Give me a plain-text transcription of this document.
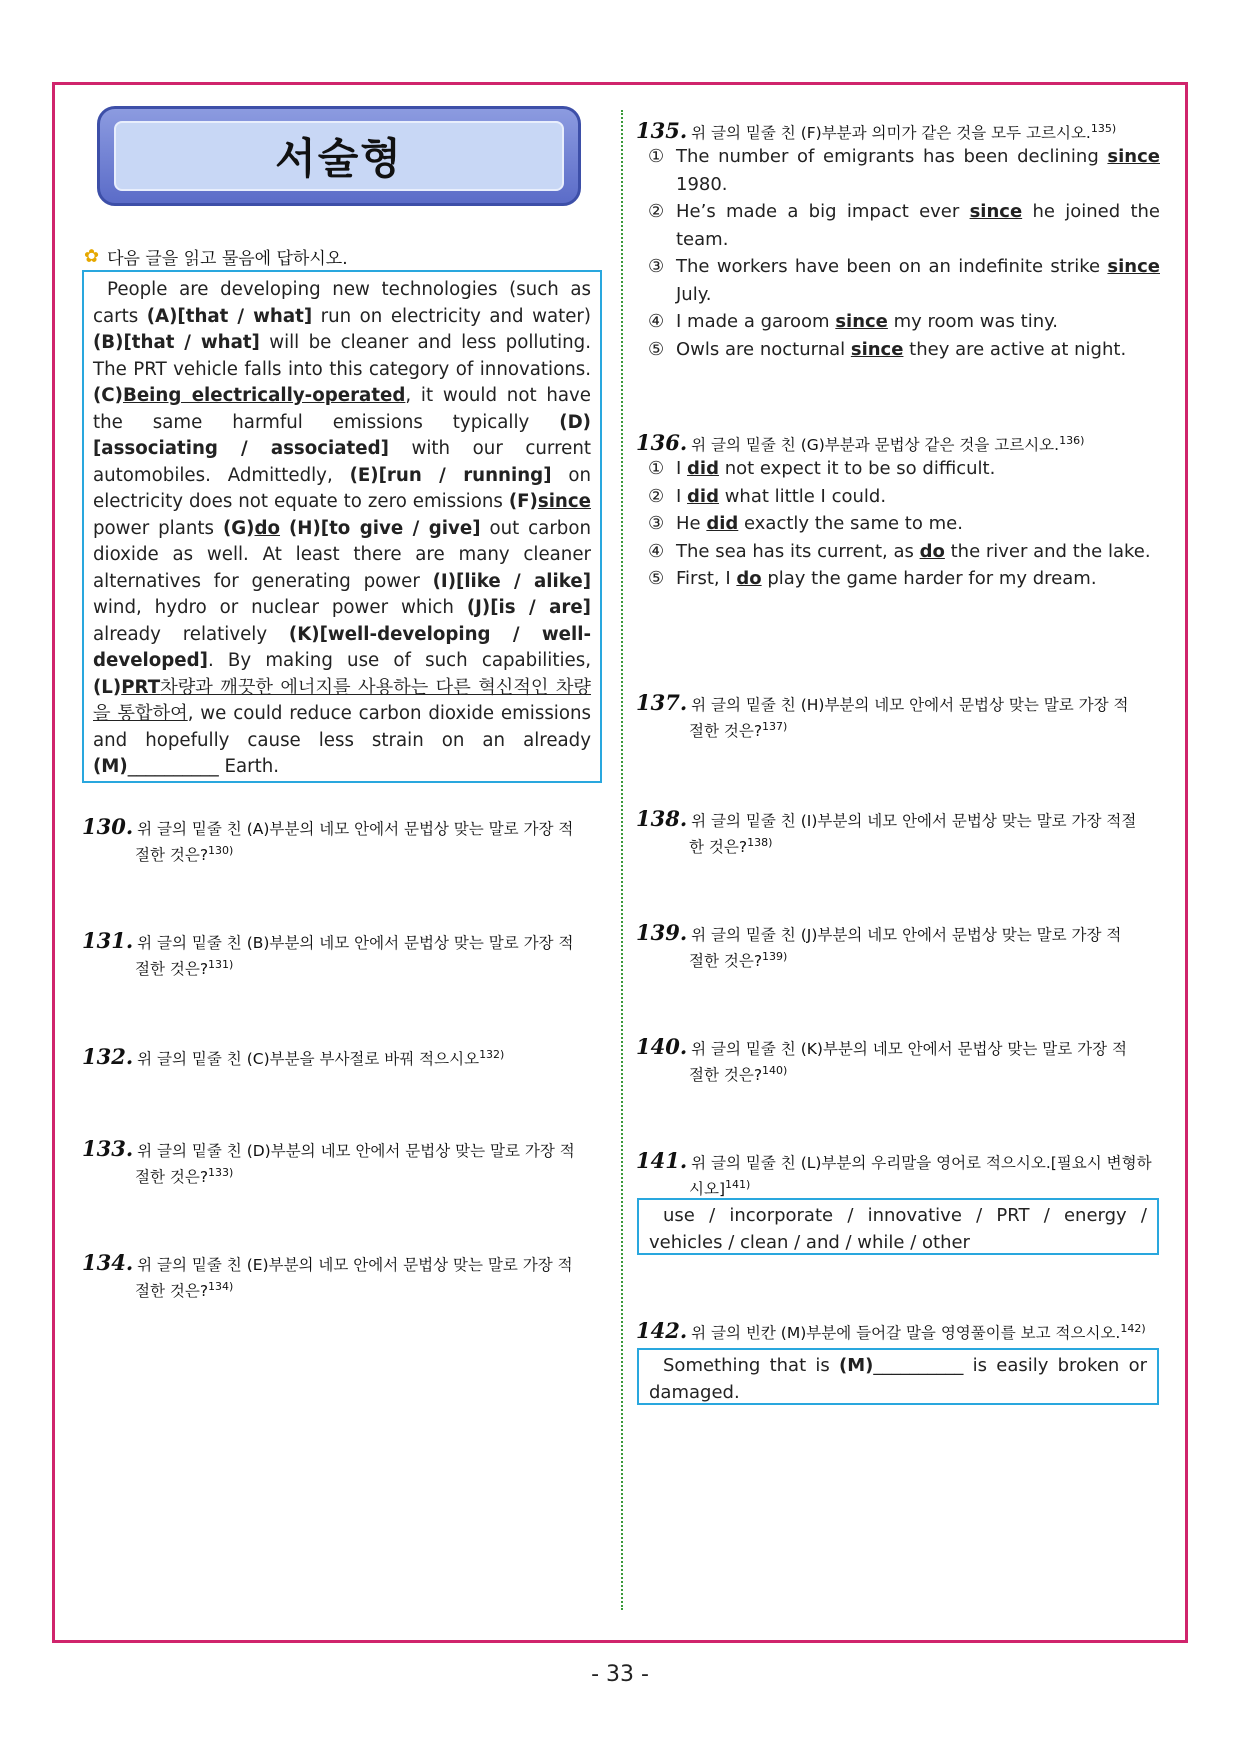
서술형
✿ 다음 글을 읽고 물음에 답하시오.

People are developing new technologies (such as carts (A)[that / what] run on electricity and water) (B)[that / what] will be cleaner and less polluting. The PRT vehicle falls into this category of innovations. (C)Being electrically-operated, it would not have the same harmful emissions typically (D)[associating / associated] with our current automobiles. Admittedly, (E)[run / running] on electricity does not equate to zero emissions (F)since power plants (G)do (H)[to give / give] out carbon dioxide as well. At least there are many cleaner alternatives for generating power (I)[like / alike] wind, hydro or nuclear power which (J)[is / are] already relatively (K)[well-developing / well-developed]. By making use of such capabilities, (L)PRT차량과 깨끗한 에너지를 사용하는 다른 혁신적인 차량을 통합하여, we could reduce carbon dioxide emissions and hopefully cause less strain on an already (M)__________ Earth.

130. 위 글의 밑줄 친 (A)부분의 네모 안에서 문법상 맞는 말로 가장 적
절한 것은?$^{130)}$
131. 위 글의 밑줄 친 (B)부분의 네모 안에서 문법상 맞는 말로 가장 적
절한 것은?$^{131)}$
132. 위 글의 밑줄 친 (C)부분을 부사절로 바꿔 적으시오$^{132)}$
133. 위 글의 밑줄 친 (D)부분의 네모 안에서 문법상 맞는 말로 가장 적
절한 것은?$^{133)}$
134. 위 글의 밑줄 친 (E)부분의 네모 안에서 문법상 맞는 말로 가장 적
절한 것은?$^{134)}$
135. 위 글의 밑줄 친 (F)부분과 의미가 같은 것을 모두 고르시오.$^{135)}$
① The number of emigrants has been declining since 1980.
② He’s made a big impact ever since he joined the team.
③ The workers have been on an indefinite strike since July.
④ I made a garoom since my room was tiny.
⑤ Owls are nocturnal since they are active at night.
136. 위 글의 밑줄 친 (G)부분과 문법상 같은 것을 고르시오.$^{136)}$
① I did not expect it to be so difficult.
② I did what little I could.
③ He did exactly the same to me.
④ The sea has its current, as do the river and the lake.
⑤ First, I do play the game harder for my dream.
137. 위 글의 밑줄 친 (H)부분의 네모 안에서 문법상 맞는 말로 가장 적
절한 것은?$^{137)}$
138. 위 글의 밑줄 친 (I)부분의 네모 안에서 문법상 맞는 말로 가장 적절
한 것은?$^{138)}$
139. 위 글의 밑줄 친 (J)부분의 네모 안에서 문법상 맞는 말로 가장 적
절한 것은?$^{139)}$
140. 위 글의 밑줄 친 (K)부분의 네모 안에서 문법상 맞는 말로 가장 적
절한 것은?$^{140)}$
141. 위 글의 밑줄 친 (L)부분의 우리말을 영어로 적으시오.[필요시 변형하
시오]$^{141)}$
use / incorporate / innovative / PRT / energy / vehicles / clean / and / while / other
142. 위 글의 빈칸 (M)부분에 들어갈 말을 영영풀이를 보고 적으시오.$^{142)}$
Something that is (M)__________ is easily broken or damaged.
- 33 -
